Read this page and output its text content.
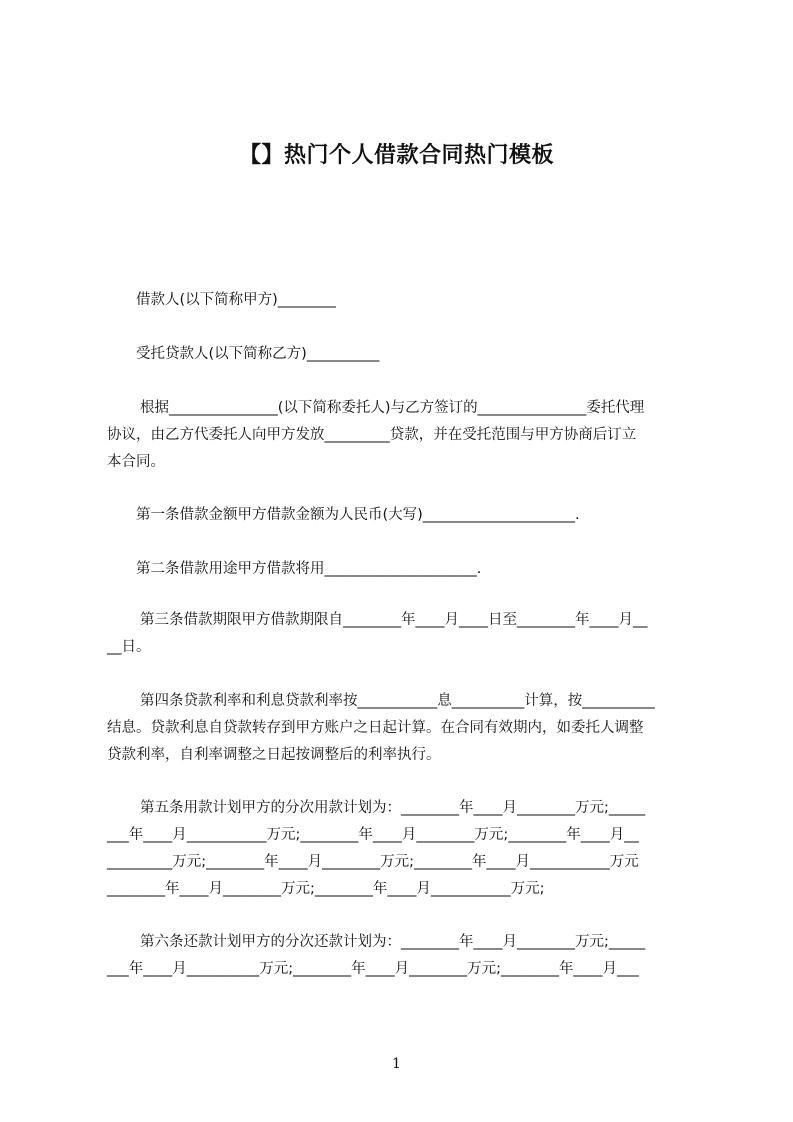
【】热门个人借款合同热门模板
借款人(以下简称甲方)________
受托贷款人(以下简称乙方)__________
根据_______________(以下简称委托人)与乙方签订的_______________委托代理
协议，由乙方代委托人向甲方发放_________贷款，并在受托范围与甲方协商后订立
本合同。
第一条借款金额甲方借款金额为人民币(大写)_____________________.
第二条借款用途甲方借款将用_____________________.
第三条借款期限甲方借款期限自________年____月____日至________年____月__
__日。
第四条贷款利率和利息贷款利率按___________息__________计算，按__________
结息。贷款利息自贷款转存到甲方账户之日起计算。在合同有效期内，如委托人调整
贷款利率，自利率调整之日起按调整后的利率执行。
第五条用款计划甲方的分次用款计划为：________年____月________万元;_____
___年____月___________万元;________年____月________万元;________年____月__
_________万元;________年____月________万元;________年____月___________万元
________年____月________万元;________年____月___________万元;
第六条还款计划甲方的分次还款计划为：________年____月________万元;_____
___年____月__________万元;________年____月________万元;________年____月___
1
